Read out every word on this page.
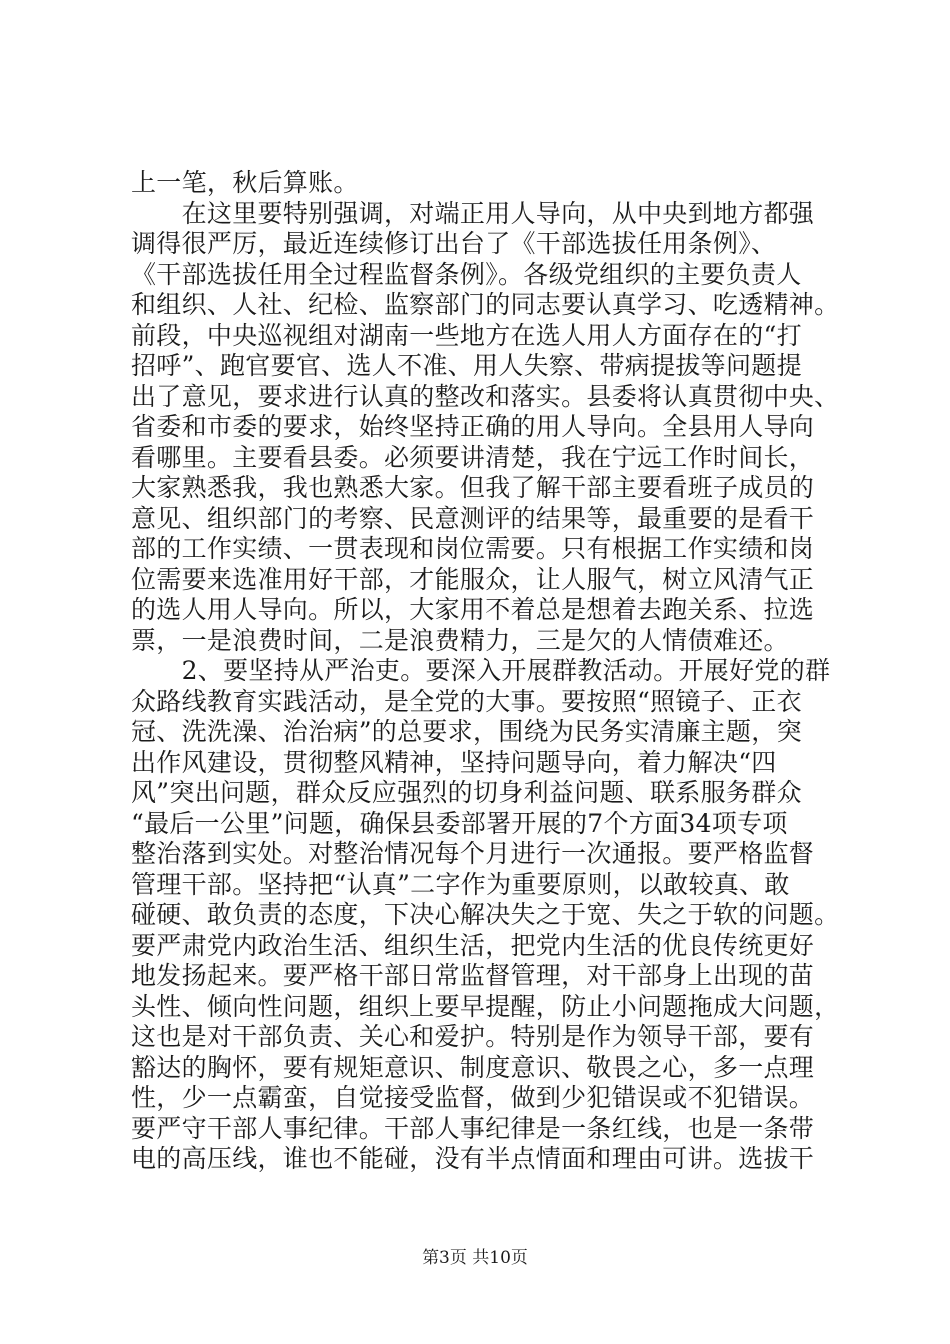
上一笔，秋后算账。
　　在这里要特别强调，对端正用人导向，从中央到地方都强
调得很严厉，最近连续修订出台了《干部选拔任用条例》、
《干部选拔任用全过程监督条例》。各级党组织的主要负责人
和组织、人社、纪检、监察部门的同志要认真学习、吃透精神。
前段，中央巡视组对湖南一些地方在选人用人方面存在的“打
招呼”、跑官要官、选人不准、用人失察、带病提拔等问题提
出了意见，要求进行认真的整改和落实。县委将认真贯彻中央、
省委和市委的要求，始终坚持正确的用人导向。全县用人导向
看哪里。主要看县委。必须要讲清楚，我在宁远工作时间长，
大家熟悉我，我也熟悉大家。但我了解干部主要看班子成员的
意见、组织部门的考察、民意测评的结果等，最重要的是看干
部的工作实绩、一贯表现和岗位需要。只有根据工作实绩和岗
位需要来选准用好干部，才能服众，让人服气，树立风清气正
的选人用人导向。所以，大家用不着总是想着去跑关系、拉选
票，一是浪费时间，二是浪费精力，三是欠的人情债难还。
　　2、要坚持从严治吏。要深入开展群教活动。开展好党的群
众路线教育实践活动，是全党的大事。要按照“照镜子、正衣
冠、洗洗澡、治治病”的总要求，围绕为民务实清廉主题，突
出作风建设，贯彻整风精神，坚持问题导向，着力解决“四
风”突出问题，群众反应强烈的切身利益问题、联系服务群众
“最后一公里”问题，确保县委部署开展的7个方面34项专项
整治落到实处。对整治情况每个月进行一次通报。要严格监督
管理干部。坚持把“认真”二字作为重要原则，以敢较真、敢
碰硬、敢负责的态度，下决心解决失之于宽、失之于软的问题。
要严肃党内政治生活、组织生活，把党内生活的优良传统更好
地发扬起来。要严格干部日常监督管理，对干部身上出现的苗
头性、倾向性问题，组织上要早提醒，防止小问题拖成大问题，
这也是对干部负责、关心和爱护。特别是作为领导干部，要有
豁达的胸怀，要有规矩意识、制度意识、敬畏之心，多一点理
性，少一点霸蛮，自觉接受监督，做到少犯错误或不犯错误。
要严守干部人事纪律。干部人事纪律是一条红线，也是一条带
电的高压线，谁也不能碰，没有半点情面和理由可讲。选拔干
第3页 共10页
